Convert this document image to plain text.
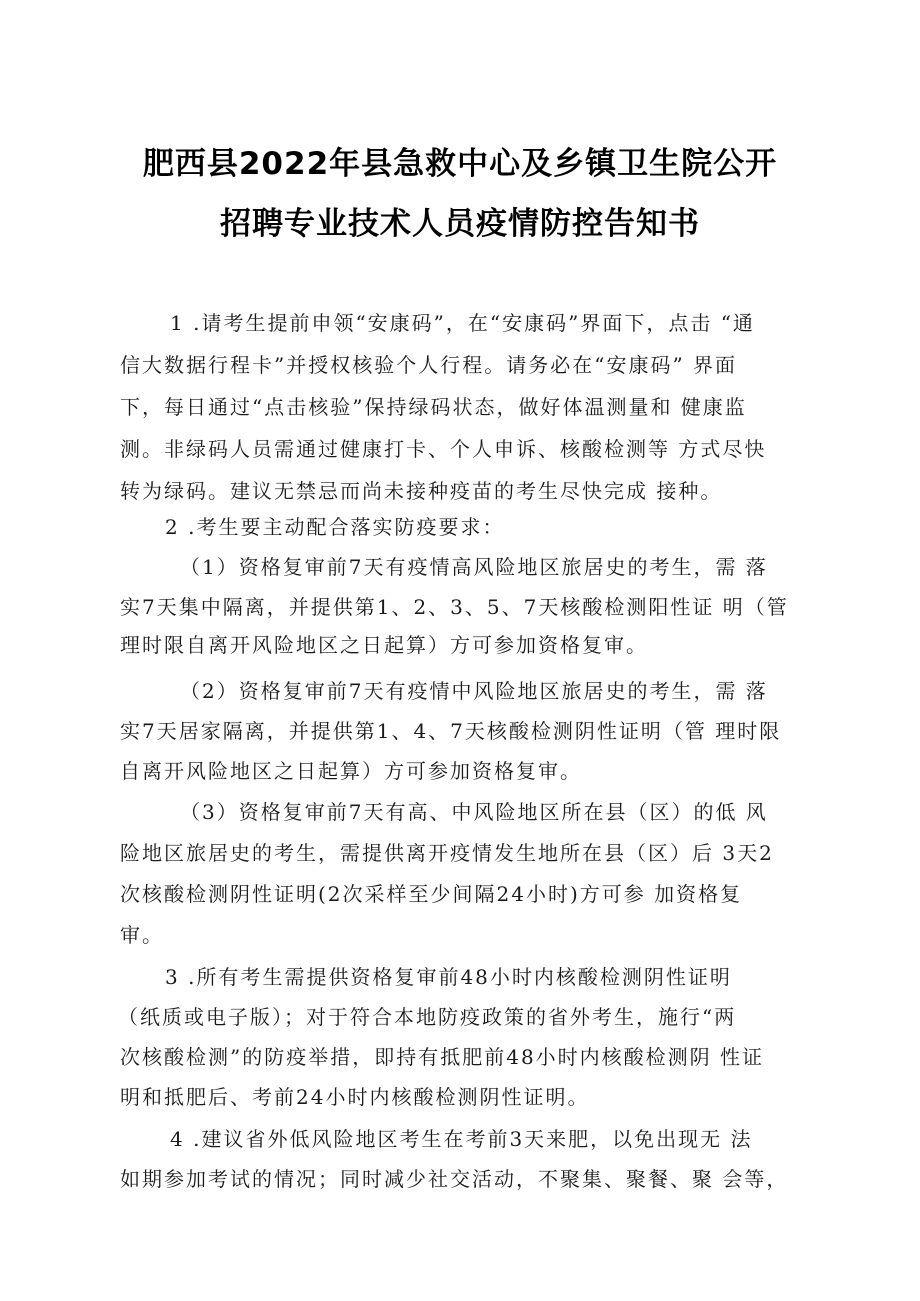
肥西县2022年县急救中心及乡镇卫生院公开
招聘专业技术人员疫情防控告知书
1 .请考生提前申领“安康码”，在“安康码”界面下，点击 “通
信大数据行程卡”并授权核验个人行程。请务必在“安康码” 界面
下，每日通过“点击核验”保持绿码状态，做好体温测量和 健康监
测。非绿码人员需通过健康打卡、个人申诉、核酸检测等 方式尽快
转为绿码。建议无禁忌而尚未接种疫苗的考生尽快完成 接种。
2 .考生要主动配合落实防疫要求：
（1）资格复审前7天有疫情高风险地区旅居史的考生，需 落
实7天集中隔离，并提供第1、2、3、5、7天核酸检测阳性证 明（管
理时限自离开风险地区之日起算）方可参加资格复审。
（2）资格复审前7天有疫情中风险地区旅居史的考生，需 落
实7天居家隔离，并提供第1、4、7天核酸检测阴性证明（管 理时限
自离开风险地区之日起算）方可参加资格复审。
（3）资格复审前7天有高、中风险地区所在县（区）的低 风
险地区旅居史的考生，需提供离开疫情发生地所在县（区）后 3天2
次核酸检测阴性证明(2次采样至少间隔24小时)方可参 加资格复
审。
3 .所有考生需提供资格复审前48小时内核酸检测阴性证明
（纸质或电子版）；对于符合本地防疫政策的省外考生，施行“两
次核酸检测”的防疫举措，即持有抵肥前48小时内核酸检测阴 性证
明和抵肥后、考前24小时内核酸检测阴性证明。
4 .建议省外低风险地区考生在考前3天来肥，以免出现无 法
如期参加考试的情况；同时减少社交活动，不聚集、聚餐、聚 会等，
